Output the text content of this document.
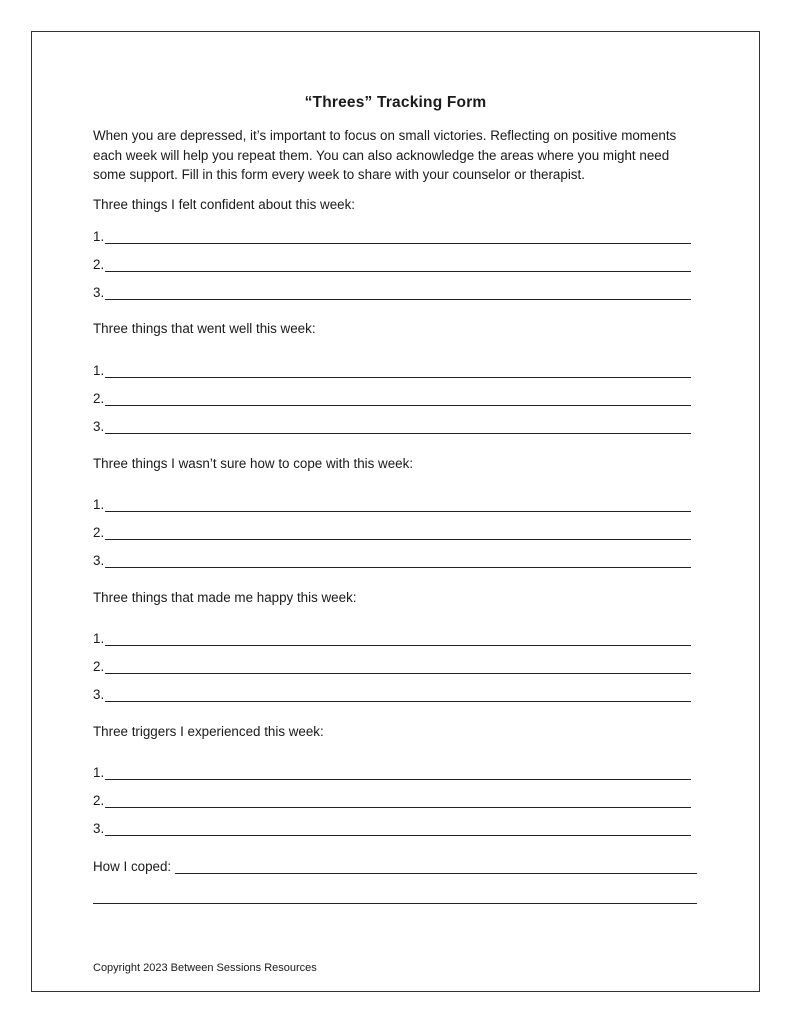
“Threes” Tracking Form
When you are depressed, it’s important to focus on small victories. Reflecting on positive moments each week will help you repeat them. You can also acknowledge the areas where you might need some support. Fill in this form every week to share with your counselor or therapist.
Three things I felt confident about this week:
1.
2.
3.
Three things that went well this week:
1.
2.
3.
Three things I wasn’t sure how to cope with this week:
1.
2.
3.
Three things that made me happy this week:
1.
2.
3.
Three triggers I experienced this week:
1.
2.
3.
How I coped:
Copyright 2023 Between Sessions Resources
